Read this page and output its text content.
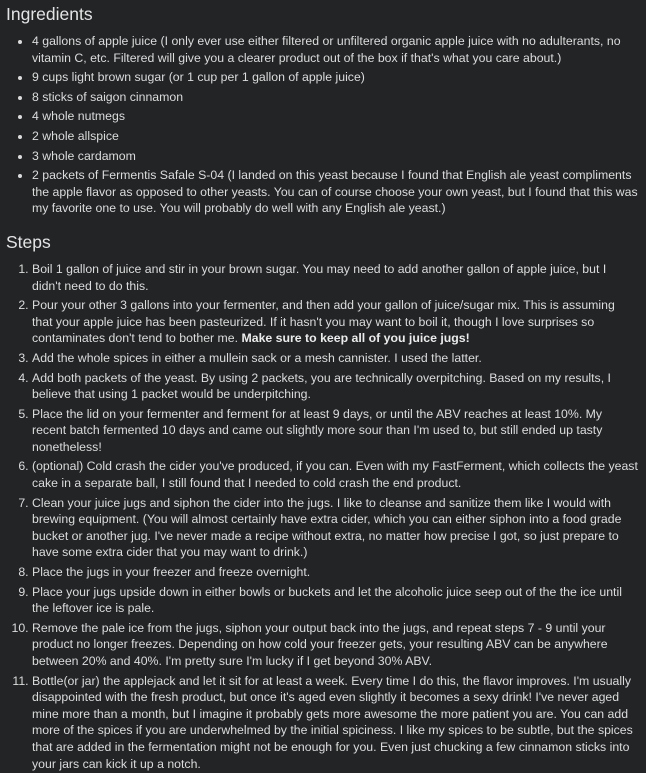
Ingredients
• 4 gallons of apple juice (I only ever use either filtered or unfiltered organic apple juice with no adulterants, no vitamin C, etc. Filtered will give you a clearer product out of the box if that's what you care about.)
• 9 cups light brown sugar (or 1 cup per 1 gallon of apple juice)
• 8 sticks of saigon cinnamon
• 4 whole nutmegs
• 2 whole allspice
• 3 whole cardamom
• 2 packets of Fermentis Safale S-04 (I landed on this yeast because I found that English ale yeast compliments the apple flavor as opposed to other yeasts. You can of course choose your own yeast, but I found that this was my favorite one to use. You will probably do well with any English ale yeast.)
Steps
1. Boil 1 gallon of juice and stir in your brown sugar. You may need to add another gallon of apple juice, but I didn't need to do this.
2. Pour your other 3 gallons into your fermenter, and then add your gallon of juice/sugar mix. This is assuming that your apple juice has been pasteurized. If it hasn't you may want to boil it, though I love surprises so contaminates don't tend to bother me. Make sure to keep all of you juice jugs!
3. Add the whole spices in either a mullein sack or a mesh cannister. I used the latter.
4. Add both packets of the yeast. By using 2 packets, you are technically overpitching. Based on my results, I believe that using 1 packet would be underpitching.
5. Place the lid on your fermenter and ferment for at least 9 days, or until the ABV reaches at least 10%. My recent batch fermented 10 days and came out slightly more sour than I'm used to, but still ended up tasty nonetheless!
6. (optional) Cold crash the cider you've produced, if you can. Even with my FastFerment, which collects the yeast cake in a separate ball, I still found that I needed to cold crash the end product.
7. Clean your juice jugs and siphon the cider into the jugs. I like to cleanse and sanitize them like I would with brewing equipment. (You will almost certainly have extra cider, which you can either siphon into a food grade bucket or another jug. I've never made a recipe without extra, no matter how precise I got, so just prepare to have some extra cider that you may want to drink.)
8. Place the jugs in your freezer and freeze overnight.
9. Place your jugs upside down in either bowls or buckets and let the alcoholic juice seep out of the the ice until the leftover ice is pale.
10. Remove the pale ice from the jugs, siphon your output back into the jugs, and repeat steps 7 - 9 until your product no longer freezes. Depending on how cold your freezer gets, your resulting ABV can be anywhere between 20% and 40%. I'm pretty sure I'm lucky if I get beyond 30% ABV.
11. Bottle(or jar) the applejack and let it sit for at least a week. Every time I do this, the flavor improves. I'm usually disappointed with the fresh product, but once it's aged even slightly it becomes a sexy drink! I've never aged mine more than a month, but I imagine it probably gets more awesome the more patient you are. You can add more of the spices if you are underwhelmed by the initial spiciness. I like my spices to be subtle, but the spices that are added in the fermentation might not be enough for you. Even just chucking a few cinnamon sticks into your jars can kick it up a notch.
